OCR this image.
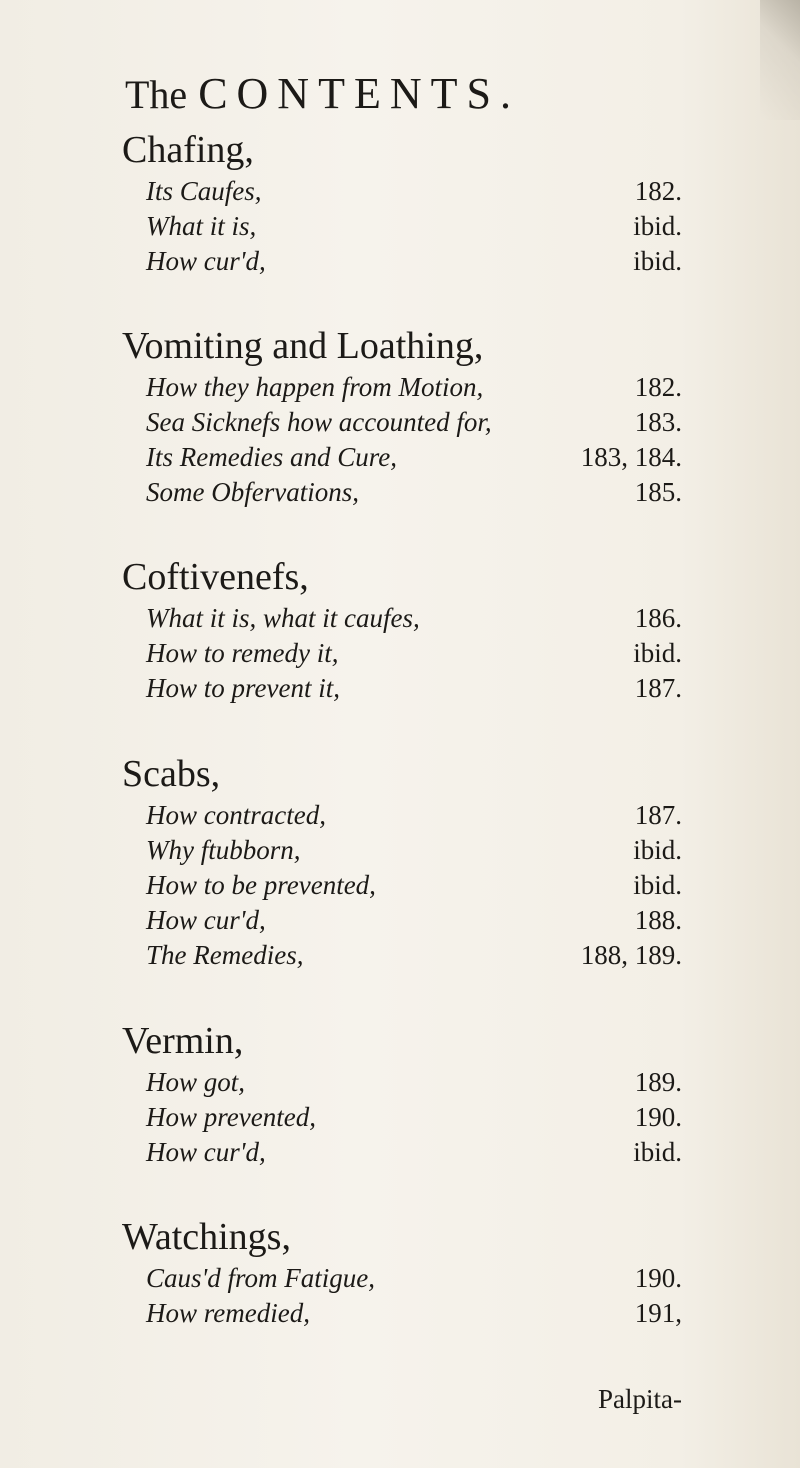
The CONTENTS.
Chafing,
Its Caufes,	182.
What it is,	ibid.
How cur'd,	ibid.
Vomiting and Loathing,
How they happen from Motion,	182.
Sea Sicknefs how accounted for,	183.
Its Remedies and Cure,	183, 184.
Some Obfervations,	185.
Coftivenefs,
What it is, what it caufes,	186.
How to remedy it,	ibid.
How to prevent it,	187.
Scabs,
How contracted,	187.
Why ftubborn,	ibid.
How to be prevented,	ibid.
How cur'd,	188.
The Remedies,	188, 189.
Vermin,
How got,	189.
How prevented,	190.
How cur'd,	ibid.
Watchings,
Caus'd from Fatigue,	190.
How remedied,	191,
Palpita-
